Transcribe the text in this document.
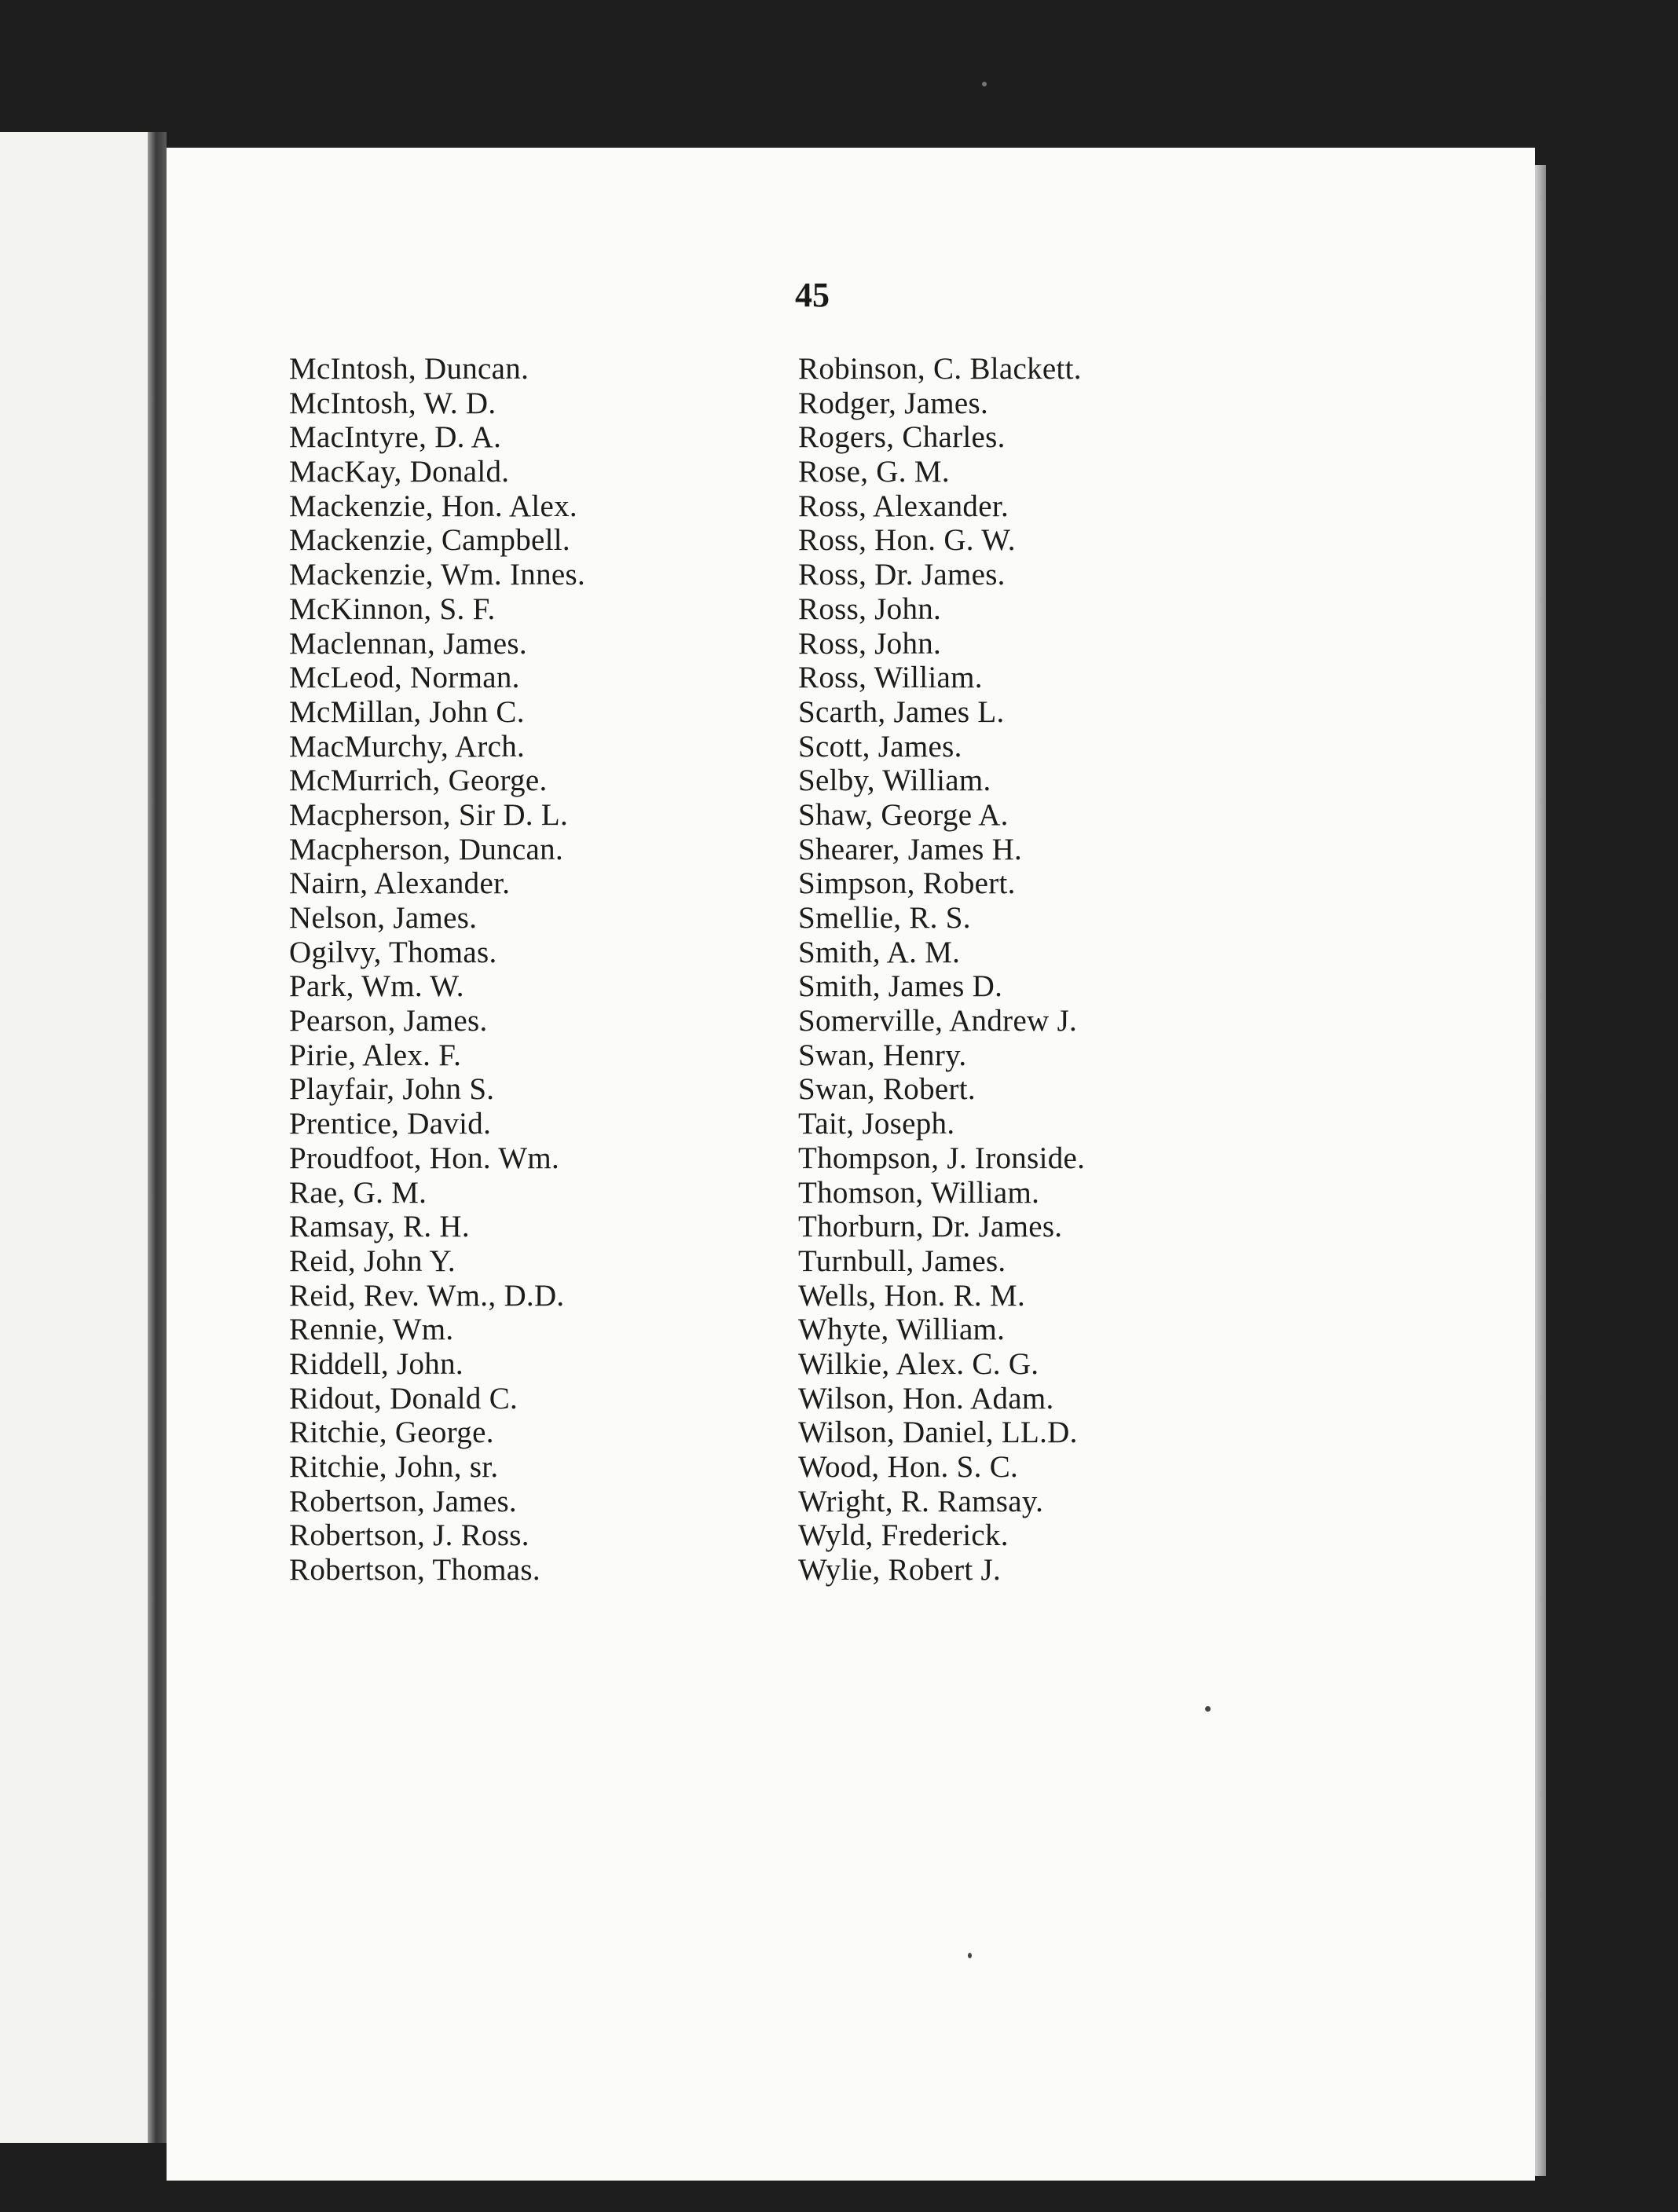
45
McIntosh, Duncan.
McIntosh, W. D.
MacIntyre, D. A.
MacKay, Donald.
Mackenzie, Hon. Alex.
Mackenzie, Campbell.
Mackenzie, Wm. Innes.
McKinnon, S. F.
Maclennan, James.
McLeod, Norman.
McMillan, John C.
MacMurchy, Arch.
McMurrich, George.
Macpherson, Sir D. L.
Macpherson, Duncan.
Nairn, Alexander.
Nelson, James.
Ogilvy, Thomas.
Park, Wm. W.
Pearson, James.
Pirie, Alex. F.
Playfair, John S.
Prentice, David.
Proudfoot, Hon. Wm.
Rae, G. M.
Ramsay, R. H.
Reid, John Y.
Reid, Rev. Wm., D.D.
Rennie, Wm.
Riddell, John.
Ridout, Donald C.
Ritchie, George.
Ritchie, John, sr.
Robertson, James.
Robertson, J. Ross.
Robertson, Thomas.
Robinson, C. Blackett.
Rodger, James.
Rogers, Charles.
Rose, G. M.
Ross, Alexander.
Ross, Hon. G. W.
Ross, Dr. James.
Ross, John.
Ross, John.
Ross, William.
Scarth, James L.
Scott, James.
Selby, William.
Shaw, George A.
Shearer, James H.
Simpson, Robert.
Smellie, R. S.
Smith, A. M.
Smith, James D.
Somerville, Andrew J.
Swan, Henry.
Swan, Robert.
Tait, Joseph.
Thompson, J. Ironside.
Thomson, William.
Thorburn, Dr. James.
Turnbull, James.
Wells, Hon. R. M.
Whyte, William.
Wilkie, Alex. C. G.
Wilson, Hon. Adam.
Wilson, Daniel, LL.D.
Wood, Hon. S. C.
Wright, R. Ramsay.
Wyld, Frederick.
Wylie, Robert J.
